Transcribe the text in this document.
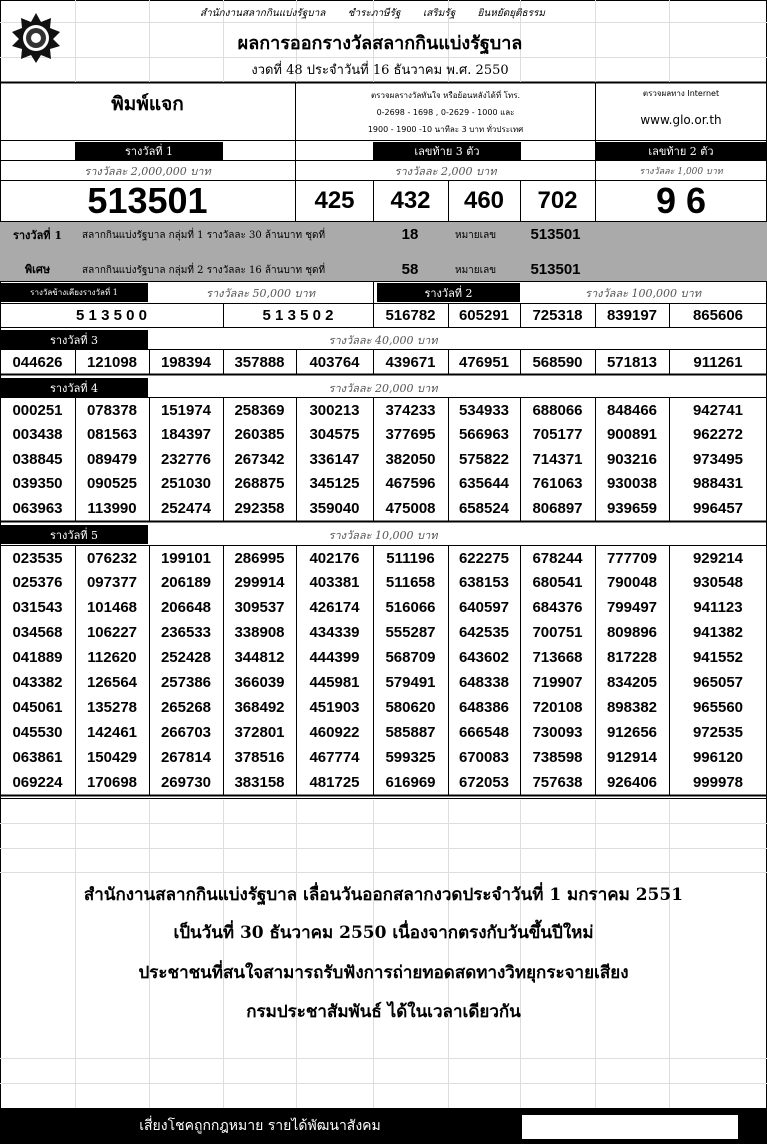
สำนักงานสลากกินแบ่งรัฐบาล ชำระภาษีรัฐ เสริมรัฐ ยินหยัดยุติธรรม
ผลการออกรางวัลสลากกินแบ่งรัฐบาล
งวดที่ 48 ประจำวันที่ 16 ธันวาคม พ.ศ. 2550
พิมพ์แจก	ตรวจผลรางวัลทันใจ หรือย้อนหลังได้ที่ โทร.
0-2698 - 1698 , 0-2629 - 1000 และ
1900 - 1900 -10 นาทีละ 3 บาท ทั่วประเทศ
ตรวจผลทาง Internet
www.glo.or.th
รางวัลที่ 1	เลขท้าย 3 ตัว	เลขท้าย 2 ตัว
รางวัลละ 2,000,000 บาท	รางวัลละ 2,000 บาท	รางวัลละ 1,000 บาท
513501	425	432	460	702	9 6
รางวัลที่ 1
พิเศษ
สลากกินแบ่งรัฐบาล กลุ่มที่ 1 รางวัลละ 30 ล้านบาท ชุดที่	18	หมายเลข	513501
สลากกินแบ่งรัฐบาล กลุ่มที่ 2 รางวัลละ 16 ล้านบาท ชุดที่	58	หมายเลข	513501
รางวัลข้างเคียงรางวัลที่ 1	รางวัลละ 50,000 บาท	รางวัลที่ 2	รางวัลละ 100,000 บาท
5 1 3 5 0 0	5 1 3 5 0 2	516782	605291	725318	839197	865606
รางวัลที่ 3	รางวัลละ 40,000 บาท
044626	121098	198394	357888	403764	439671	476951	568590	571813	911261
รางวัลที่ 4	รางวัลละ 20,000 บาท
000251	078378	151974	258369	300213	374233	534933	688066	848466	942741
003438	081563	184397	260385	304575	377695	566963	705177	900891	962272
038845	089479	232776	267342	336147	382050	575822	714371	903216	973495
039350	090525	251030	268875	345125	467596	635644	761063	930038	988431
063963	113990	252474	292358	359040	475008	658524	806897	939659	996457
รางวัลที่ 5	รางวัลละ 10,000 บาท
023535	076232	199101	286995	402176	511196	622275	678244	777709	929214
025376	097377	206189	299914	403381	511658	638153	680541	790048	930548
031543	101468	206648	309537	426174	516066	640597	684376	799497	941123
034568	106227	236533	338908	434339	555287	642535	700751	809896	941382
041889	112620	252428	344812	444399	568709	643602	713668	817228	941552
043382	126564	257386	366039	445981	579491	648338	719907	834205	965057
045061	135278	265268	368492	451903	580620	648386	720108	898382	965560
045530	142461	266703	372801	460922	585887	666548	730093	912656	972535
063861	150429	267814	378516	467774	599325	670083	738598	912914	996120
069224	170698	269730	383158	481725	616969	672053	757638	926406	999978
สำนักงานสลากกินแบ่งรัฐบาล เลื่อนวันออกสลากงวดประจำวันที่ 1 มกราคม 2551
เป็นวันที่ 30 ธันวาคม 2550 เนื่องจากตรงกับวันขึ้นปีใหม่
ประชาชนที่สนใจสามารถรับฟังการถ่ายทอดสดทางวิทยุกระจายเสียง
กรมประชาสัมพันธ์ ได้ในเวลาเดียวกัน
เสี่ยงโชคถูกกฎหมาย รายได้พัฒนาสังคม
